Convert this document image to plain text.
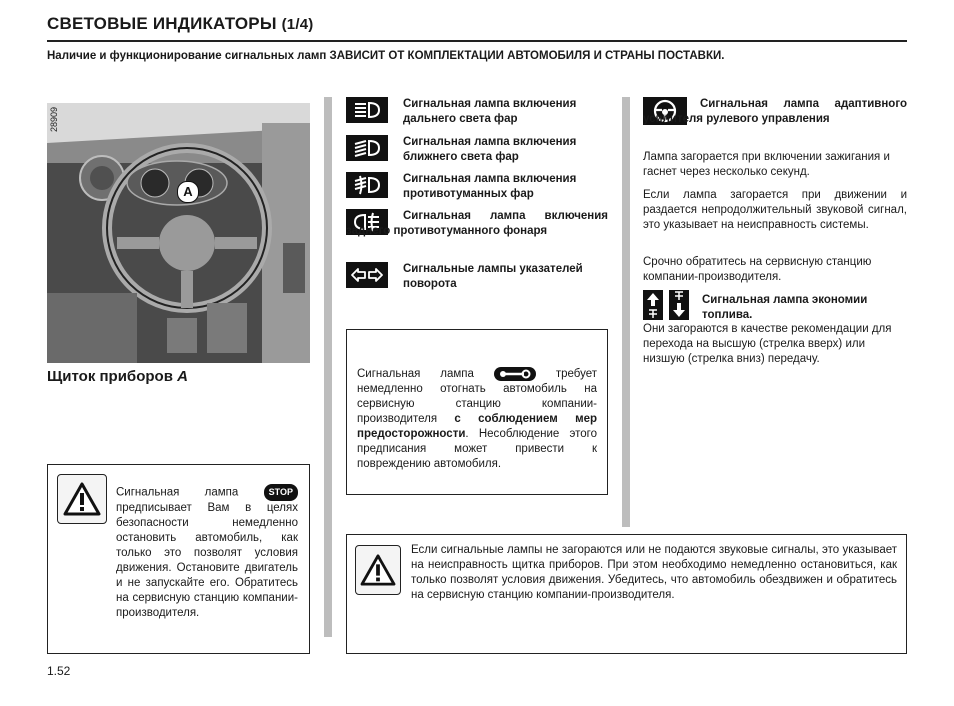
СВЕТОВЫЕ ИНДИКАТОРЫ (1/4)
Наличие и функционирование сигнальных ламп ЗАВИСИТ ОТ КОМПЛЕКТАЦИИ АВТОМОБИЛЯ И СТРАНЫ ПОСТАВКИ.
28909
A
Щиток приборов A
Сигнальная лампа	STOP предписывает Вам в целях безопасности немедленно остановить автомобиль, как только это позволят условия движения. Остановите двигатель и не запускайте его. Обратитесь на сервисную станцию компании-производителя.
Сигнальная лампа включения дальнего света фар
Сигнальная лампа включения ближнего света фар
Сигнальная лампа включения противотуманных фар
Сигнальная лампа включения заднего противотуманного фонаря
Сигнальные лампы указателей поворота
Сигнальная лампа	требует немедленно отогнать автомобиль на сервисную станцию компании-производителя с соблюдением мер предосторожности. Несоблюдение этого предписания может привести к повреждению автомобиля.
Сигнальная лампа адаптивного усилителя рулевого управления
Лампа загорается при включении зажигания и гаснет через несколько секунд.
Если лампа загорается при движении и раздается непродолжительный звуковой сигнал, это указывает на неисправность системы.
Срочно обратитесь на сервисную станцию компании-производителя.
Сигнальная лампа экономии топлива.
Они загораются в качестве рекомендации для перехода на высшую (стрелка вверх) или низшую (стрелка вниз) передачу.
Если сигнальные лампы не загораются или не подаются звуковые сигналы, это указывает на неисправность щитка приборов. При этом необходимо немедленно остановиться, как только позволят условия движения. Убедитесь, что автомобиль обездвижен и обратитесь на сервисную станцию компании-производителя.
1.52
